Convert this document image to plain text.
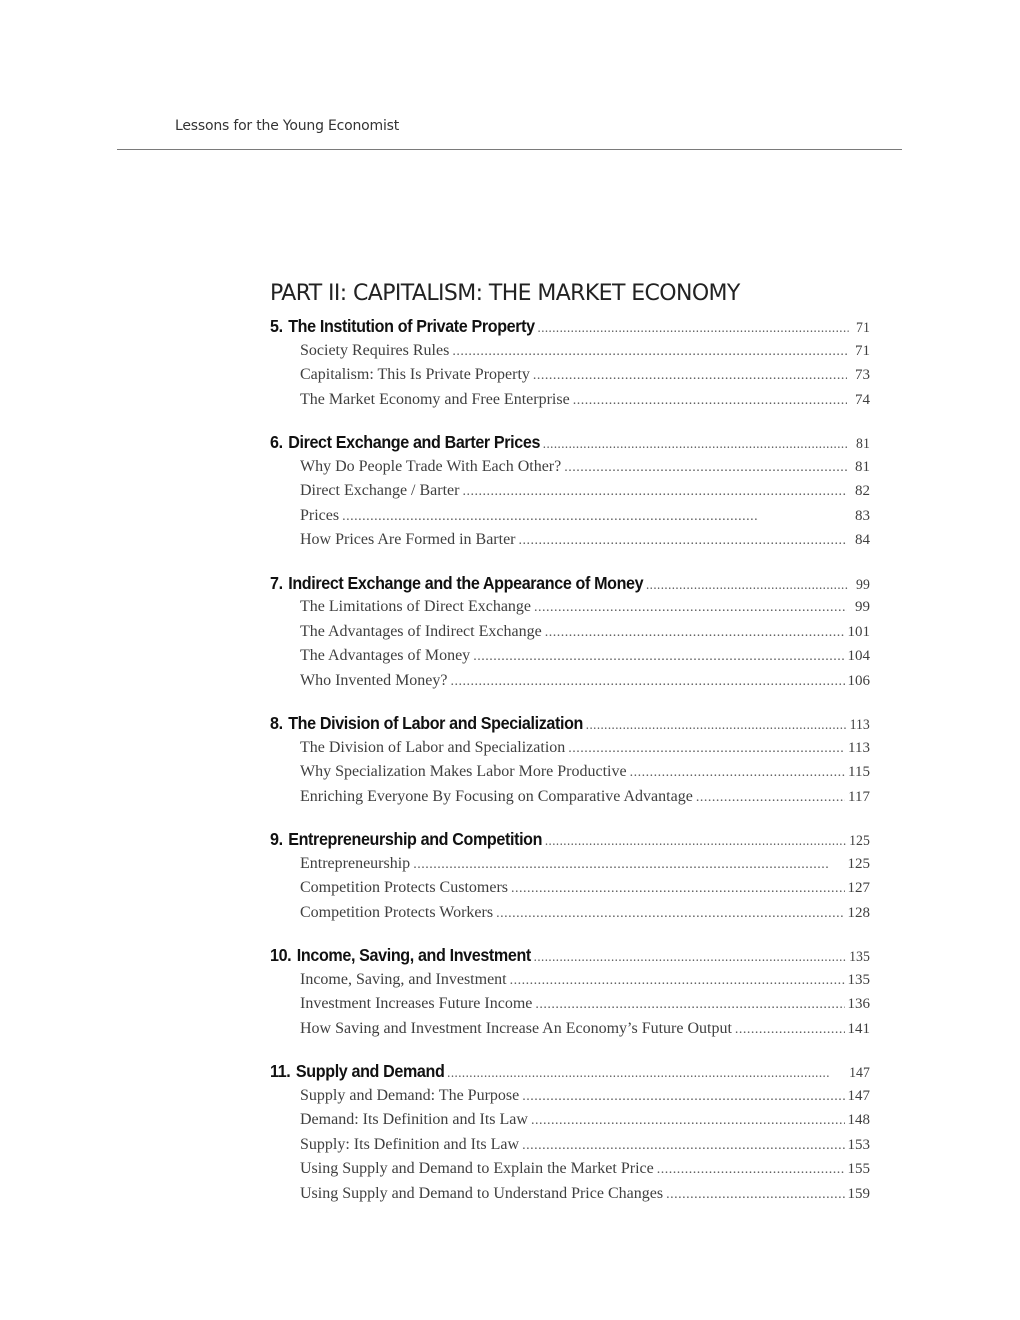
Lessons for the Young Economist
PART II: CAPITALISM: THE MARKET ECONOMY
5. The Institution of Private Property . . .	71
Society Requires Rules . . .	71
Capitalism: This Is Private Property . . .	73
The Market Economy and Free Enterprise . . .	74
6. Direct Exchange and Barter Prices . . .	81
Why Do People Trade With Each Other? . . .	81
Direct Exchange / Barter . . .	82
Prices . . .	83
How Prices Are Formed in Barter . . .	84
7. Indirect Exchange and the Appearance of Money . . .	99
The Limitations of Direct Exchange . . .	99
The Advantages of Indirect Exchange . . .	101
The Advantages of Money . . .	104
Who Invented Money? . . .	106
8. The Division of Labor and Specialization . . .	113
The Division of Labor and Specialization . . .	113
Why Specialization Makes Labor More Productive . . .	115
Enriching Everyone By Focusing on Comparative Advantage . . .	117
9. Entrepreneurship and Competition . . .	125
Entrepreneurship . . .	125
Competition Protects Customers . . .	127
Competition Protects Workers . . .	128
10. Income, Saving, and Investment . . .	135
Income, Saving, and Investment . . .	135
Investment Increases Future Income . . .	136
How Saving and Investment Increase An Economy’s Future Output . . .	141
11. Supply and Demand . . .	147
Supply and Demand: The Purpose . . .	147
Demand: Its Definition and Its Law . . .	148
Supply: Its Definition and Its Law . . .	153
Using Supply and Demand to Explain the Market Price . . .	155
Using Supply and Demand to Understand Price Changes . . .	159
